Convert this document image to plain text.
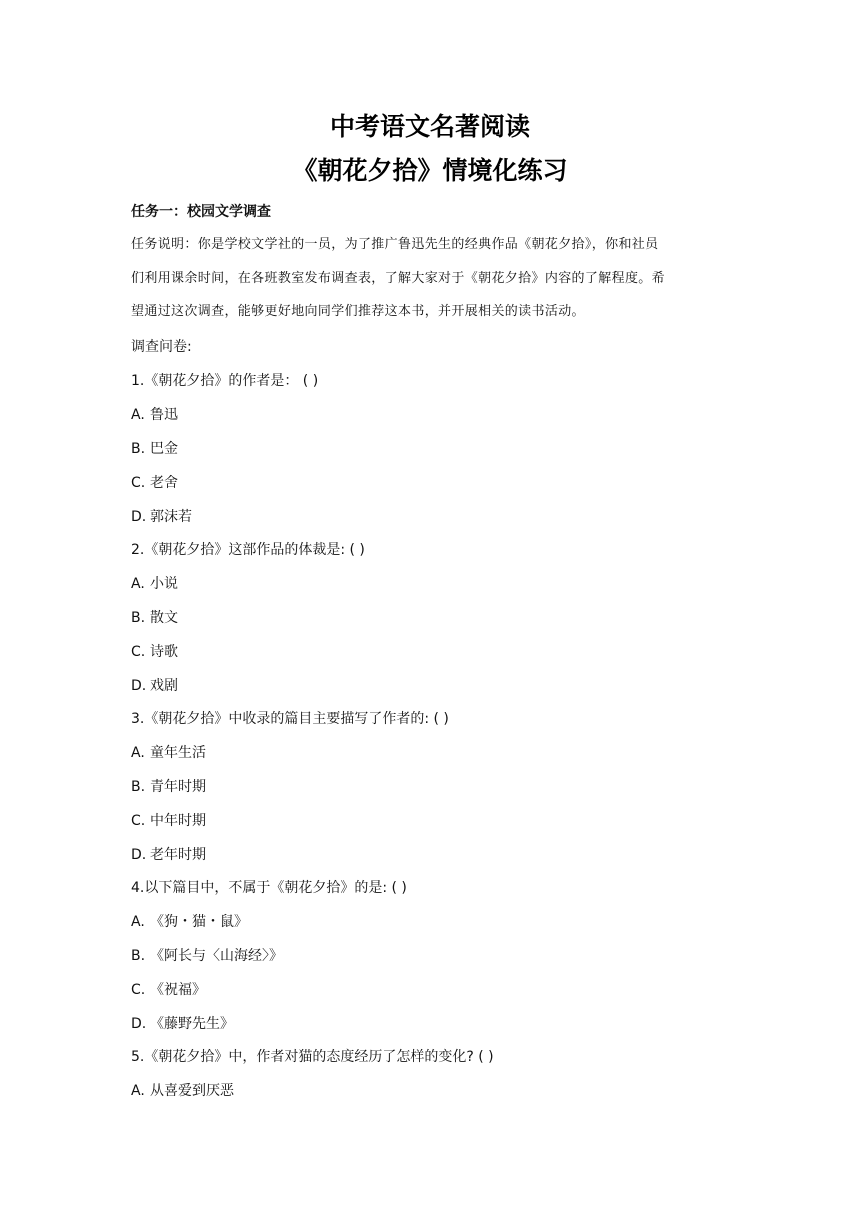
中考语文名著阅读
《朝花夕拾》情境化练习
任务一：校园文学调查

任务说明：你是学校文学社的一员，为了推广鲁迅先生的经典作品《朝花夕拾》，你和社员

们利用课余时间，在各班教室发布调查表，了解大家对于《朝花夕拾》内容的了解程度。希

望通过这次调查，能够更好地向同学们推荐这本书，并开展相关的读书活动。

调查问卷:
1.《朝花夕拾》的作者是： ( )
A. 鲁迅
B. 巴金
C. 老舍
D. 郭沫若
2.《朝花夕拾》这部作品的体裁是: ( )
A. 小说
B. 散文
C. 诗歌
D. 戏剧
3.《朝花夕拾》中收录的篇目主要描写了作者的: ( )
A. 童年生活
B. 青年时期
C. 中年时期
D. 老年时期
4.以下篇目中，不属于《朝花夕拾》的是: ( )
A. 《狗・猫・鼠》
B. 《阿长与〈山海经〉》
C. 《祝福》
D. 《藤野先生》
5.《朝花夕拾》中，作者对猫的态度经历了怎样的变化? ( )
A. 从喜爱到厌恶
